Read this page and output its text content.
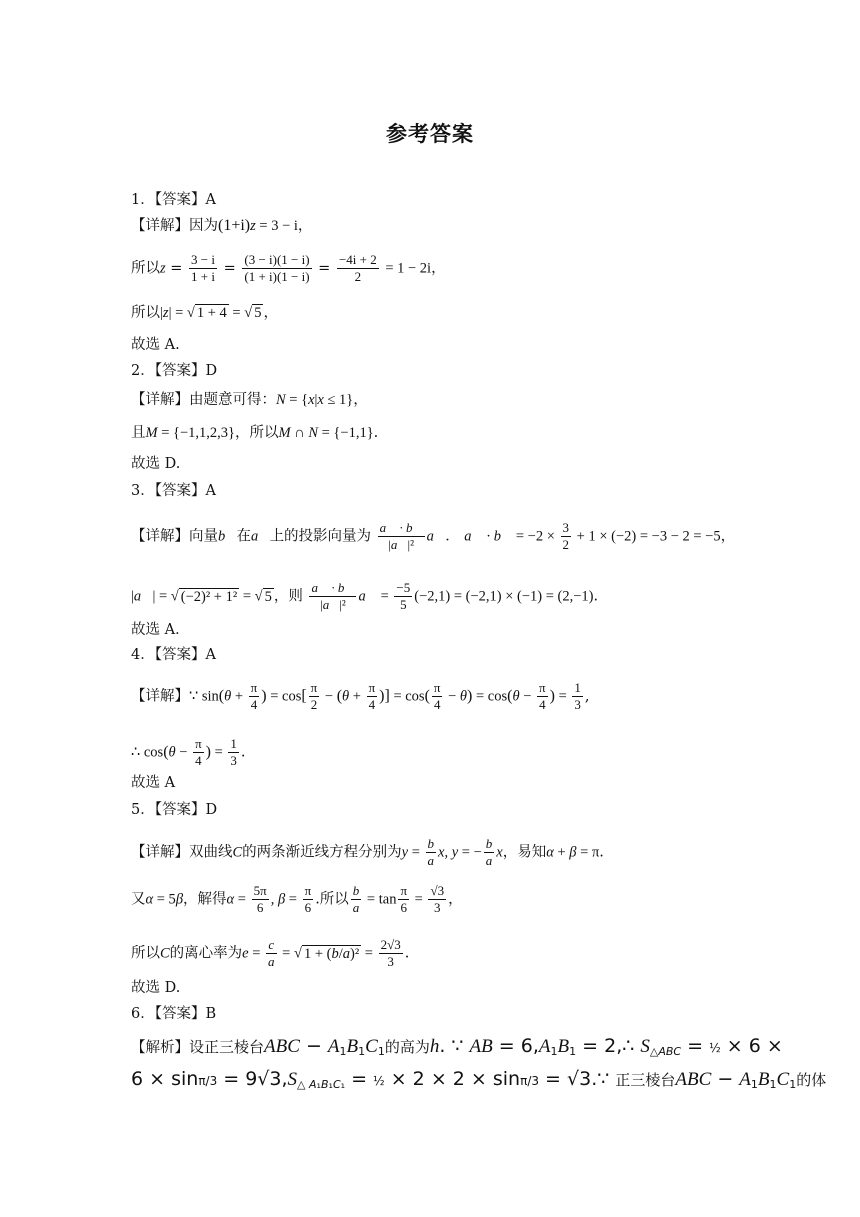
参考答案
1．【答案】A
【详解】因为(1+i)z = 3 − i，
所以$z = \frac{3 - i}{1 + i} = \frac{(3 - i)(1 - i)}{(1 + i)(1 - i)} = \frac{-4i + 2}{2} = 1 - 2i$，
所以|z| = √ 1 + 4 = √ 5 ，
故选 A.
2．【答案】D
【详解】由题意可得：N = {x|x ≤ 1}，
且M = {−1,1,2,3}，所以M ∩ N = {−1,1}.
故选 D.
3．【答案】A
【详解】向量b⃗在a⃗上的投影向量为 $\frac{a⃗ \cdot b⃗}{\text{|a⃗|²}}$ a⃗． a⃗ · b⃗ = $-2 \times \frac{3}{2} + 1 \times (-2) = -3 - 2 = -5$，
|a⃗| = √ (−2)² + 1² = √ 5 ，则 $\frac{a⃗ \cdot b⃗}{\text{|a⃗|²}}$ a⃗ = $\frac{-5}{5} (-2,1) = (-2,1) \times (-1) = (2,-1)$.
故选 A．
4．【答案】A
【详解】∵ $\sin(\theta + \frac{\pi}{4}$ ) = $\cos[ \frac{\pi}{2} - (\theta + \frac{\pi}{4}$ )] = $\cos( \frac{\pi}{4} - \theta) = \cos(\theta - \frac{\pi}{4}$ ) = $\frac{1}{3}$ ,
∴ $\cos(\theta - \frac{\pi}{4}$ ) = $\frac{1}{3}$ .
故选 A
5．【答案】D
【详解】双曲线C的两条渐近线方程分别为$y = \frac{b}{a} x$, y = − $\frac{b}{a}$ x，易知α + β = π.
又α = 5β，解得$\alpha = \frac{5\pi}{6}$ , $\beta = \frac{\pi}{6}$ .所以 $\frac{b}{a} = \tan \frac{\pi}{6} = \frac{√3}{3}$ ，
所以C的离心率为$e = \frac{c}{a}$ = √ $1 + (b/a)^2 = \frac{2√3}{3}$ .
故选 D.
6．【答案】B
【解析】设正三棱台ABC − $A_1B_1C_1$的高为h. ∵ AB = $6,A_1B_1$ = 2,∴ $S_{\triangle ABC}$ = ½ × 6 ×
$6 \times \sin\pi/3 = 9√3,S_{\triangle A_1B_1C_1}$ = ½ × 2 × 2 × sinπ/3 = √3.∵ 正三棱台ABC − $A_1B_1C_1$的体
